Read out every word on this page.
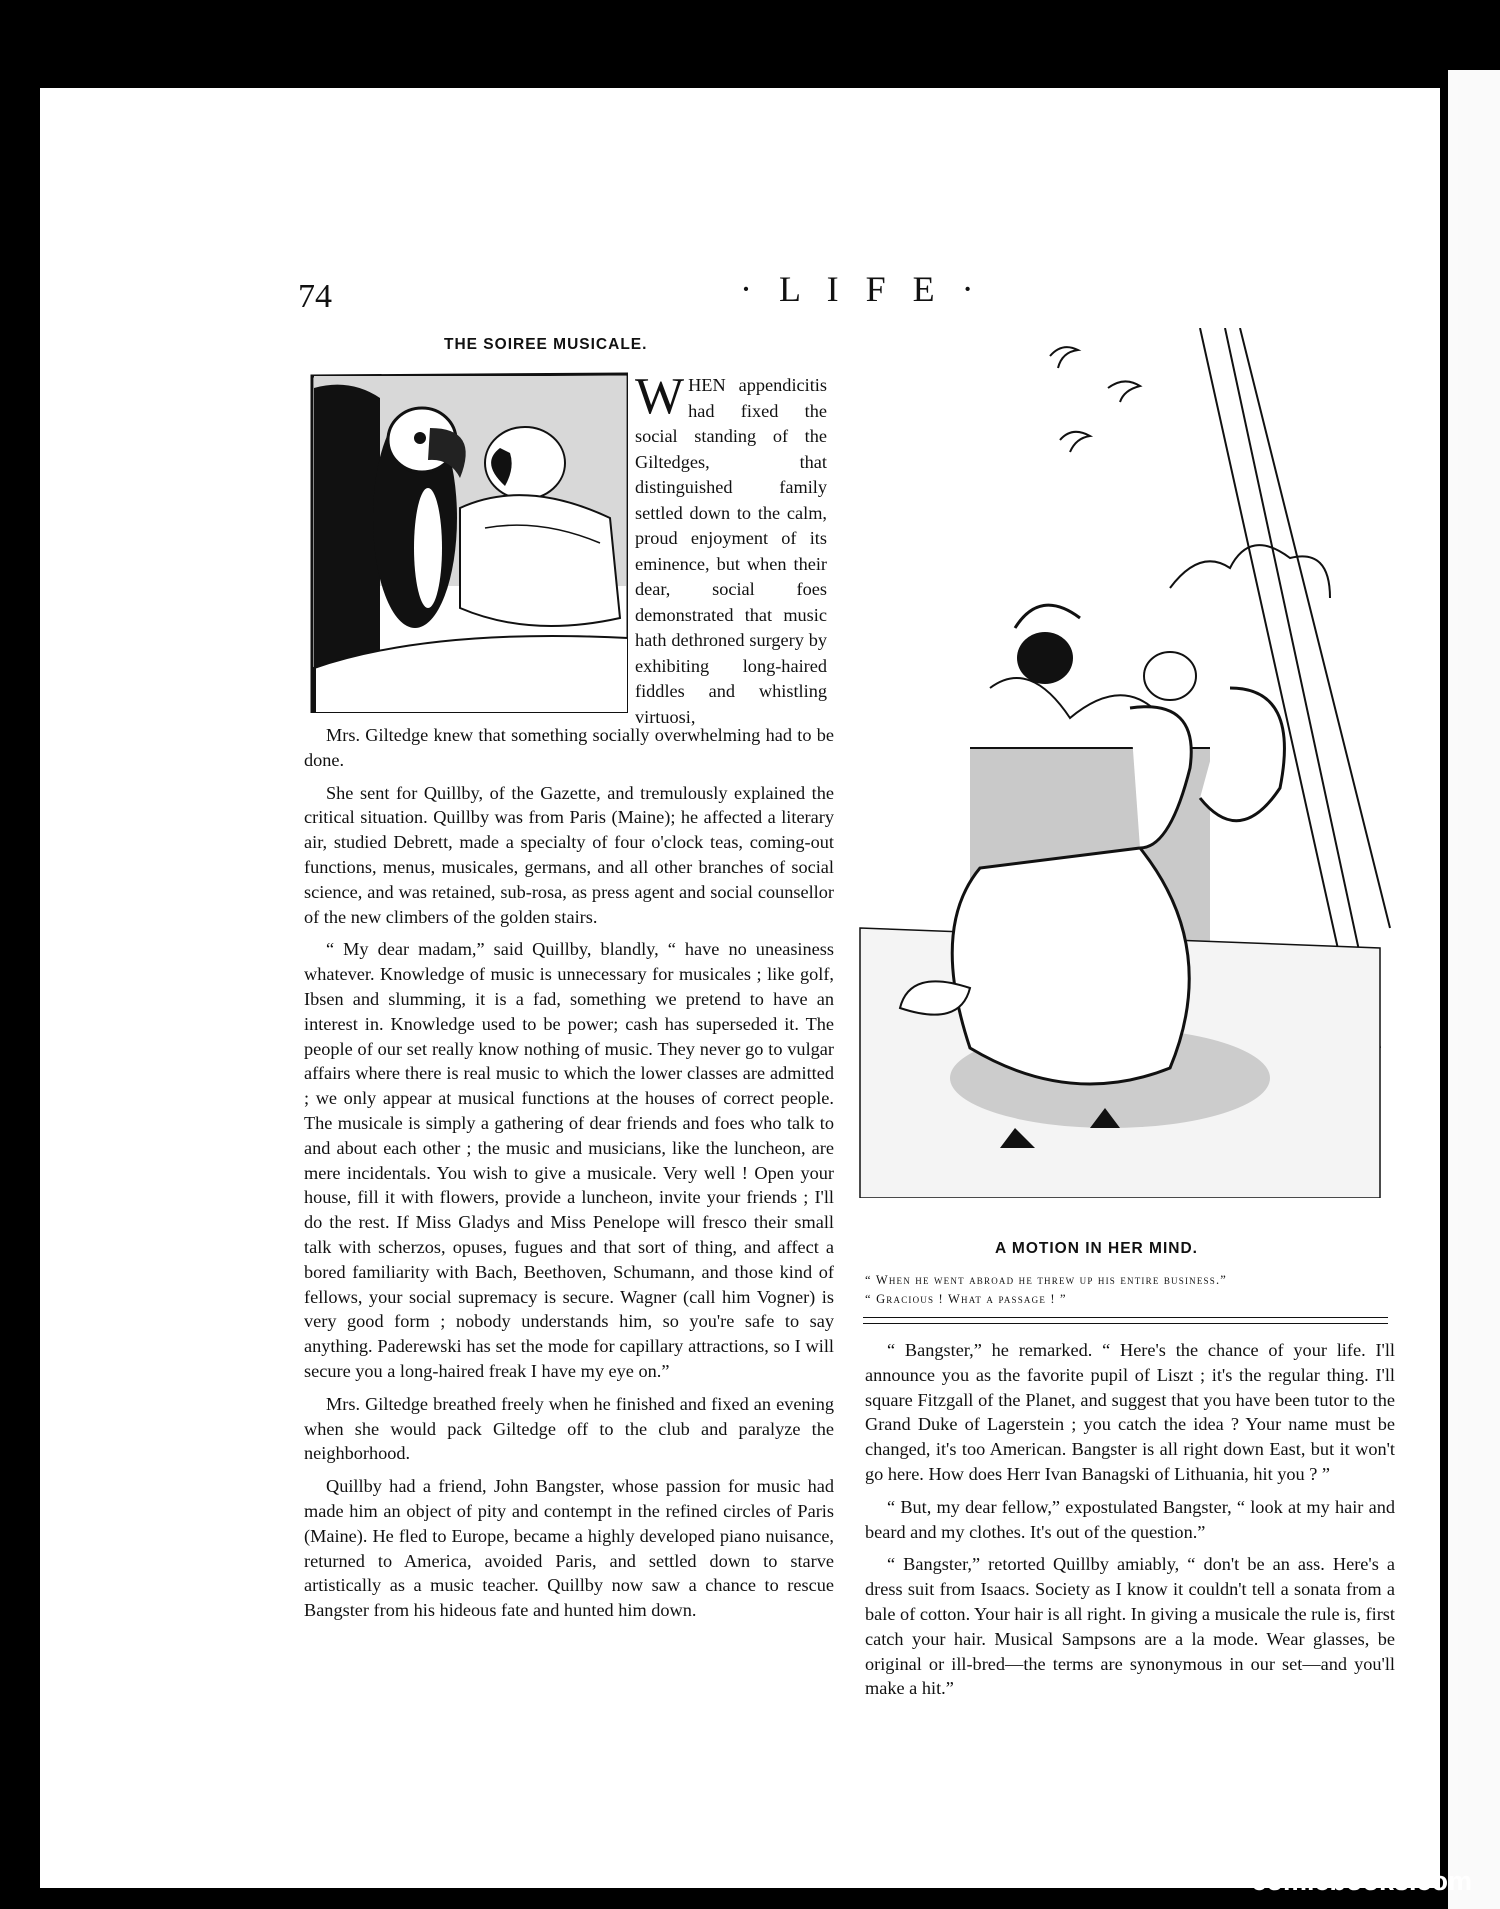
74	· L I F E ·
THE SOIREE MUSICALE.
W HEN appendicitis had fixed the social standing of the Giltedges, that distinguished family settled down to the calm, proud enjoyment of its eminence, but when their dear, social foes demonstrated that music hath dethroned surgery by exhibiting long-haired fiddles and whistling virtuosi,

Mrs. Giltedge knew that something socially overwhelming had to be done.

She sent for Quillby, of the Gazette, and tremulously explained the critical situation. Quillby was from Paris (Maine); he affected a literary air, studied Debrett, made a specialty of four o'clock teas, coming-out functions, menus, musicales, germans, and all other branches of social science, and was retained, sub-rosa, as press agent and social counsellor of the new climbers of the golden stairs.

“ My dear madam,” said Quillby, blandly, “ have no uneasiness whatever. Knowledge of music is unnecessary for musicales ; like golf, Ibsen and slumming, it is a fad, something we pretend to have an interest in. Knowledge used to be power; cash has superseded it. The people of our set really know nothing of music. They never go to vulgar affairs where there is real music to which the lower classes are admitted ; we only appear at musical functions at the houses of correct people. The musicale is simply a gathering of dear friends and foes who talk to and about each other ; the music and musicians, like the luncheon, are mere incidentals. You wish to give a musicale. Very well ! Open your house, fill it with flowers, provide a luncheon, invite your friends ; I'll do the rest. If Miss Gladys and Miss Penelope will fresco their small talk with scherzos, opuses, fugues and that sort of thing, and affect a bored familiarity with Bach, Beethoven, Schumann, and those kind of fellows, your social supremacy is secure. Wagner (call him Vogner) is very good form ; nobody understands him, so you're safe to say anything. Paderewski has set the mode for capillary attractions, so I will secure you a long-haired freak I have my eye on.”

Mrs. Giltedge breathed freely when he finished and fixed an evening when she would pack Giltedge off to the club and paralyze the neighborhood.

Quillby had a friend, John Bangster, whose passion for music had made him an object of pity and contempt in the refined circles of Paris (Maine). He fled to Europe, became a highly developed piano nuisance, returned to America, avoided Paris, and settled down to starve artistically as a music teacher. Quillby now saw a chance to rescue Bangster from his hideous fate and hunted him down.

A MOTION IN HER MIND.
“ When he went abroad he threw up his entire business.”
“ Gracious ! What a passage ! ”

“ Bangster,” he remarked. “ Here's the chance of your life. I'll announce you as the favorite pupil of Liszt ; it's the regular thing. I'll square Fitzgall of the Planet, and suggest that you have been tutor to the Grand Duke of Lagerstein ; you catch the idea ? Your name must be changed, it's too American. Bangster is all right down East, but it won't go here. How does Herr Ivan Banagski of Lithuania, hit you ? ”

“ But, my dear fellow,” expostulated Bangster, “ look at my hair and beard and my clothes. It's out of the question.”

“ Bangster,” retorted Quillby amiably, “ don't be an ass. Here's a dress suit from Isaacs. Society as I know it couldn't tell a sonata from a bale of cotton. Your hair is all right. In giving a musicale the rule is, first catch your hair. Musical Sampsons are a la mode. Wear glasses, be original or ill-bred—the terms are synonymous in our set—and you'll make a hit.”

comicbooks.com
